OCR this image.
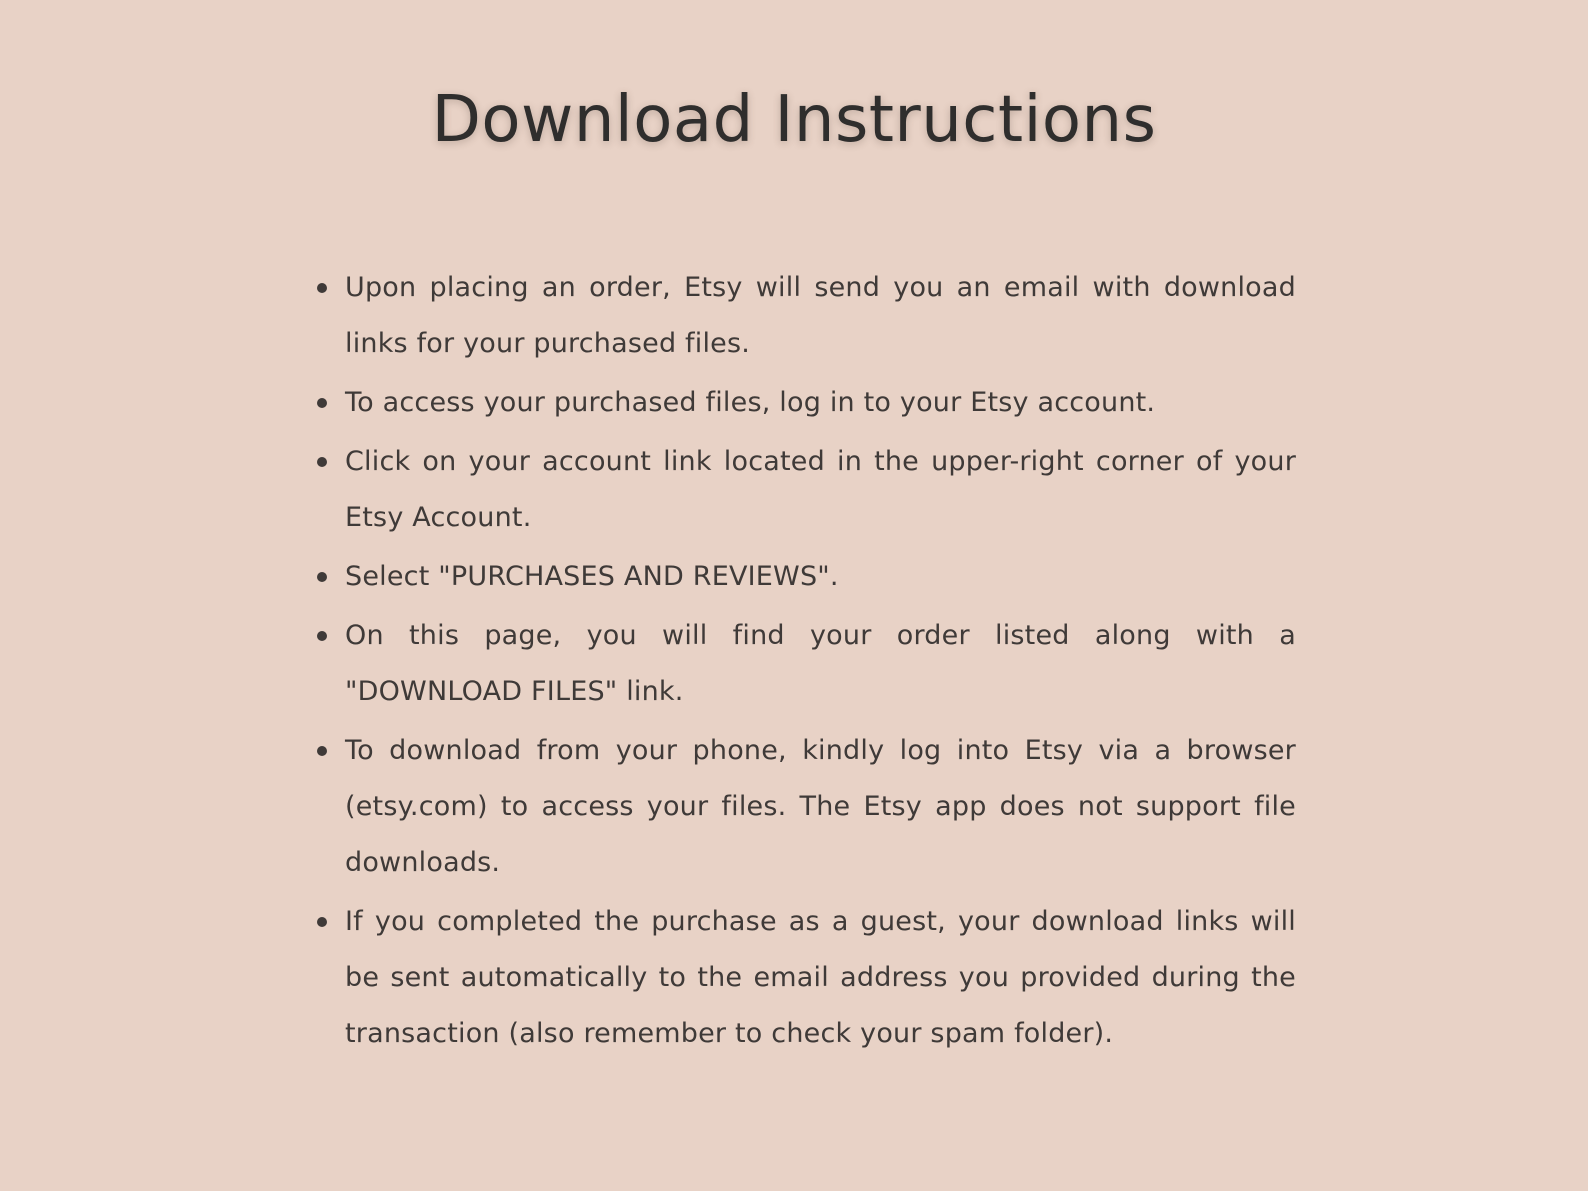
Download Instructions
Upon placing an order, Etsy will send you an email with download links for your purchased files.
To access your purchased files, log in to your Etsy account.
Click on your account link located in the upper-right corner of your Etsy Account.
Select "PURCHASES AND REVIEWS".
On this page, you will find your order listed along with a "DOWNLOAD FILES" link.
To download from your phone, kindly log into Etsy via a browser (etsy.com) to access your files. The Etsy app does not support file downloads.
If you completed the purchase as a guest, your download links will be sent automatically to the email address you provided during the transaction (also remember to check your spam folder).
